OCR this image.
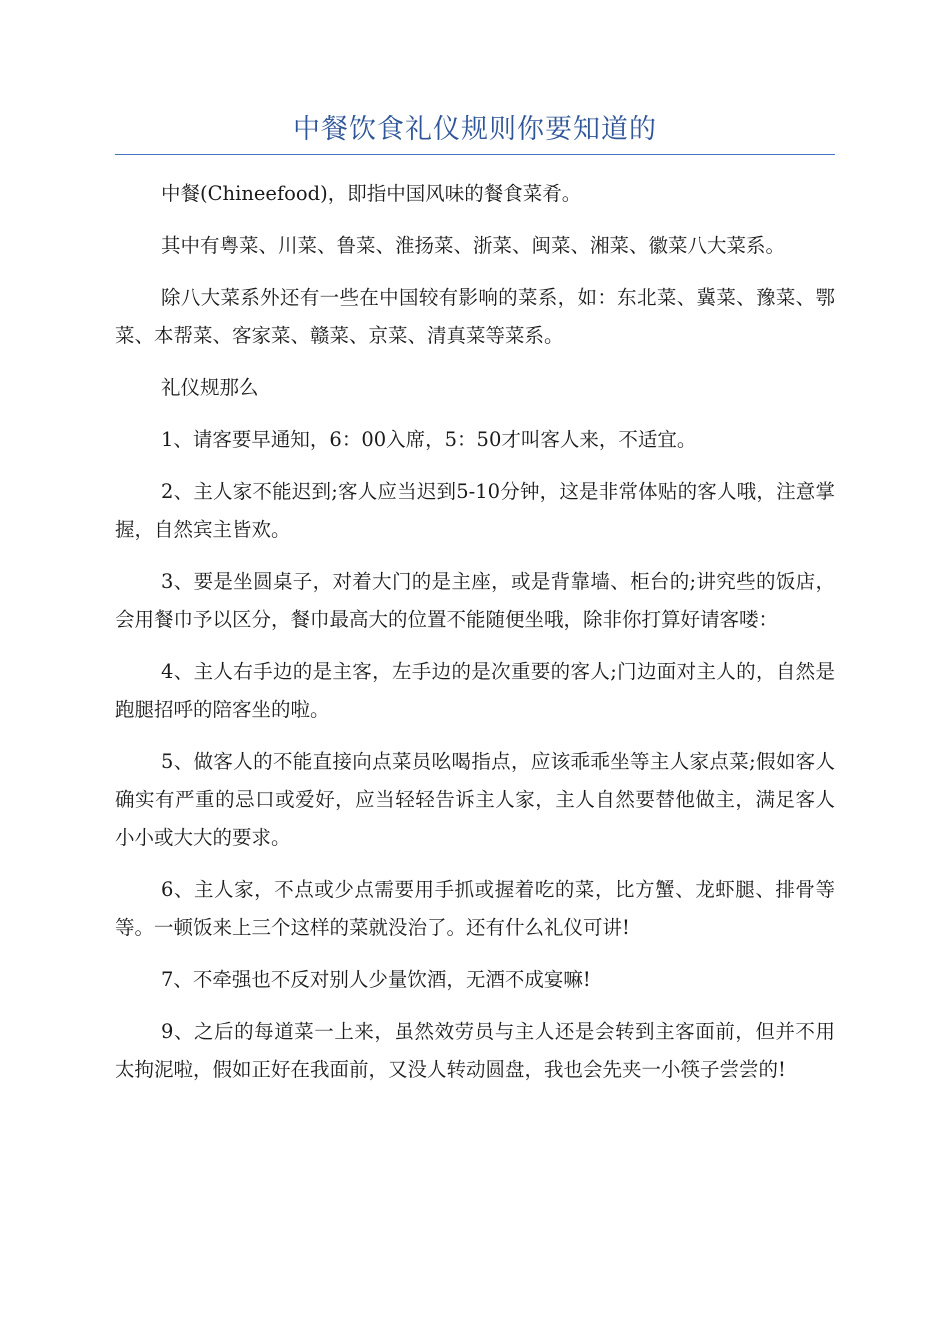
中餐饮食礼仪规则你要知道的

中餐(Chineefood)，即指中国风味的餐食菜肴。

其中有粤菜、川菜、鲁菜、淮扬菜、浙菜、闽菜、湘菜、徽菜八大菜系。

除八大菜系外还有一些在中国较有影响的菜系，如：东北菜、冀菜、豫菜、鄂菜、本帮菜、客家菜、赣菜、京菜、清真菜等菜系。

礼仪规那么

1、请客要早通知，6：00入席，5：50才叫客人来，不适宜。

2、主人家不能迟到;客人应当迟到5-10分钟，这是非常体贴的客人哦，注意掌握，自然宾主皆欢。

3、要是坐圆桌子，对着大门的是主座，或是背靠墙、柜台的;讲究些的饭店，会用餐巾予以区分，餐巾最高大的位置不能随便坐哦，除非你打算好请客喽：

4、主人右手边的是主客，左手边的是次重要的客人;门边面对主人的，自然是跑腿招呼的陪客坐的啦。

5、做客人的不能直接向点菜员吆喝指点，应该乖乖坐等主人家点菜;假如客人确实有严重的忌口或爱好，应当轻轻告诉主人家，主人自然要替他做主，满足客人小小或大大的要求。

6、主人家，不点或少点需要用手抓或握着吃的菜，比方蟹、龙虾腿、排骨等等。一顿饭来上三个这样的菜就没治了。还有什么礼仪可讲!

7、不牵强也不反对别人少量饮酒，无酒不成宴嘛!

9、之后的每道菜一上来，虽然效劳员与主人还是会转到主客面前，但并不用太拘泥啦，假如正好在我面前，又没人转动圆盘，我也会先夹一小筷子尝尝的!
